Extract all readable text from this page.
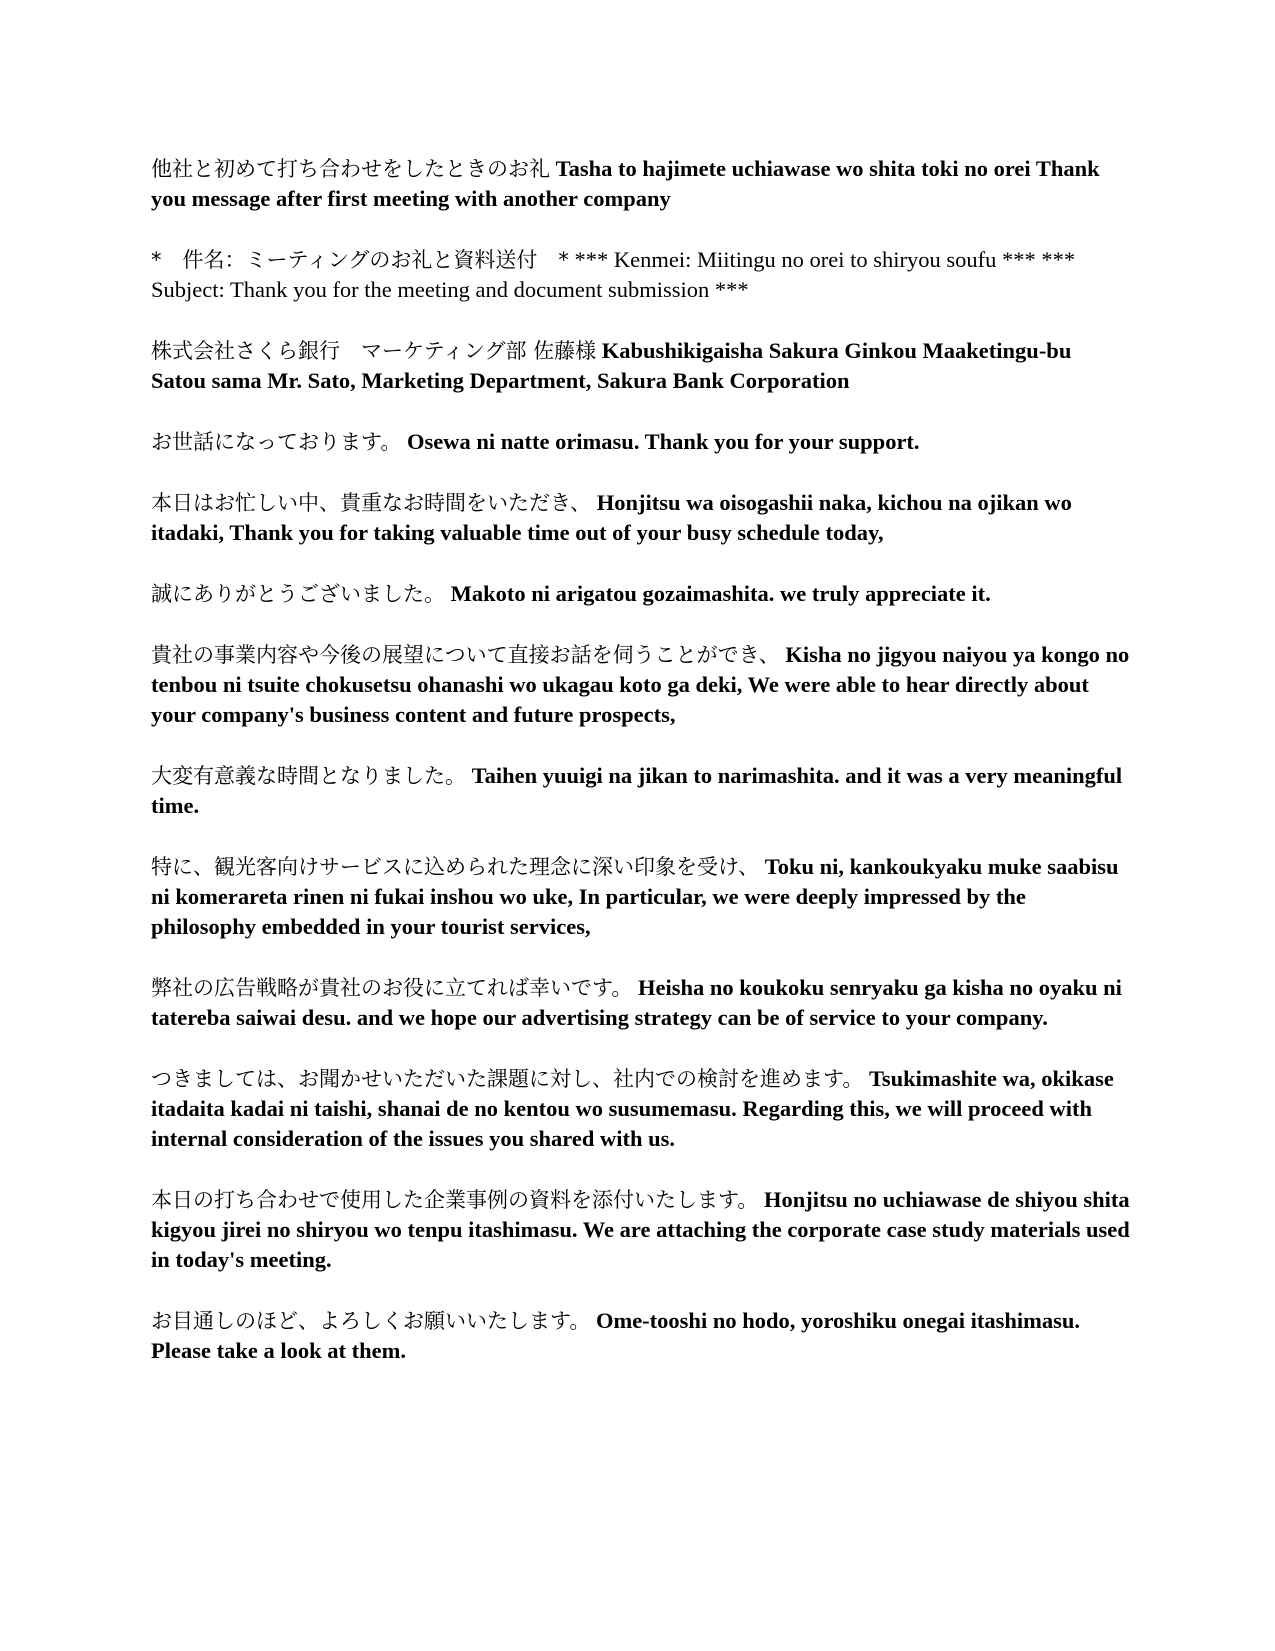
他社と初めて打ち合わせをしたときのお礼 Tasha to hajimete uchiawase wo shita toki no orei Thank you message after first meeting with another company

*　件名：ミーティングのお礼と資料送付　* *** Kenmei: Miitingu no orei to shiryou soufu *** *** Subject: Thank you for the meeting and document submission ***

株式会社さくら銀行　マーケティング部 佐藤様 Kabushikigaisha Sakura Ginkou Maaketingu-bu Satou sama Mr. Sato, Marketing Department, Sakura Bank Corporation

お世話になっております。 Osewa ni natte orimasu. Thank you for your support.

本日はお忙しい中、貴重なお時間をいただき、 Honjitsu wa oisogashii naka, kichou na ojikan wo itadaki, Thank you for taking valuable time out of your busy schedule today,

誠にありがとうございました。 Makoto ni arigatou gozaimashita. we truly appreciate it.

貴社の事業内容や今後の展望について直接お話を伺うことができ、 Kisha no jigyou naiyou ya kongo no tenbou ni tsuite chokusetsu ohanashi wo ukagau koto ga deki, We were able to hear directly about your company's business content and future prospects,

大変有意義な時間となりました。 Taihen yuuigi na jikan to narimashita. and it was a very meaningful time.

特に、観光客向けサービスに込められた理念に深い印象を受け、 Toku ni, kankoukyaku muke saabisu ni komerareta rinen ni fukai inshou wo uke, In particular, we were deeply impressed by the philosophy embedded in your tourist services,

弊社の広告戦略が貴社のお役に立てれば幸いです。 Heisha no koukoku senryaku ga kisha no oyaku ni tatereba saiwai desu. and we hope our advertising strategy can be of service to your company.

つきましては、お聞かせいただいた課題に対し、社内での検討を進めます。 Tsukimashite wa, okikase itadaita kadai ni taishi, shanai de no kentou wo susumemasu. Regarding this, we will proceed with internal consideration of the issues you shared with us.

本日の打ち合わせで使用した企業事例の資料を添付いたします。 Honjitsu no uchiawase de shiyou shita kigyou jirei no shiryou wo tenpu itashimasu. We are attaching the corporate case study materials used in today's meeting.

お目通しのほど、よろしくお願いいたします。 Ome-tooshi no hodo, yoroshiku onegai itashimasu. Please take a look at them.
